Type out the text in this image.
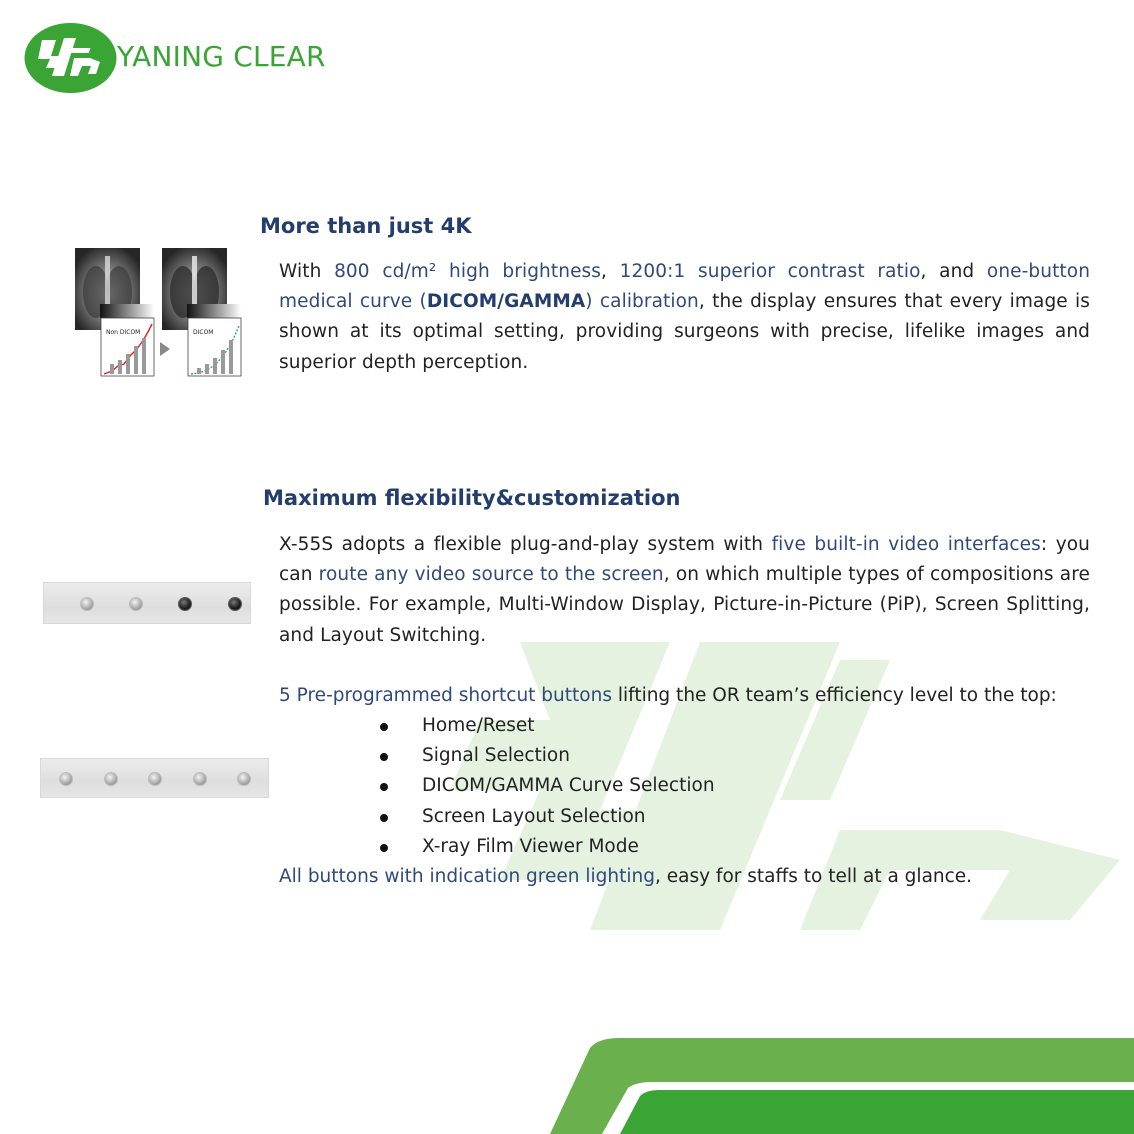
YANING CLEAR
More than just 4K
Non DICOM	DICOM

With 800 cd/m² high brightness, 1200:1 superior contrast ratio, and one-button medical curve (DICOM/GAMMA) calibration, the display ensures that every image is shown at its optimal setting, providing surgeons with precise, lifelike images and superior depth perception.

Maximum flexibility&customization

X-55S adopts a flexible plug-and-play system with five built-in video interfaces: you can route any video source to the screen, on which multiple types of compositions are possible. For example, Multi-Window Display, Picture-in-Picture (PiP), Screen Splitting, and Layout Switching.

5 Pre-programmed shortcut buttons lifting the OR team’s efficiency level to the top:

Home/Reset
Signal Selection
DICOM/GAMMA Curve Selection
Screen Layout Selection
X-ray Film Viewer Mode

All buttons with indication green lighting, easy for staffs to tell at a glance.
